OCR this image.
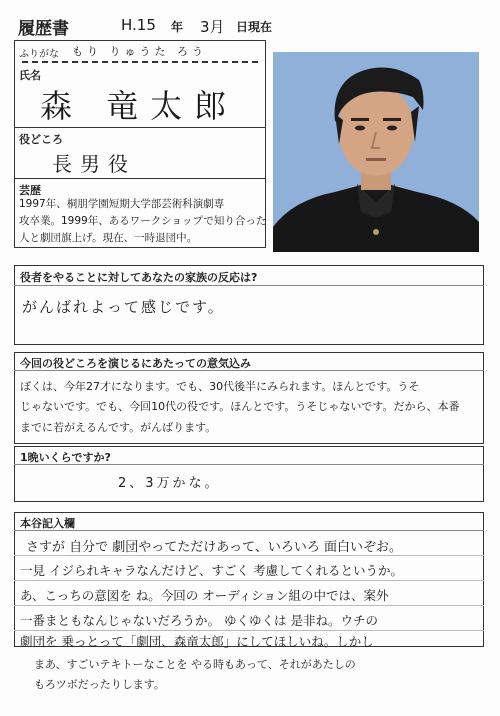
履歴書	H.15 年 3月 日現在
ふりがな もり りゅうた ろう
氏名
森 竜太郎
役どころ
長男役
芸歴
1997年、桐朋学園短期大学部芸術科演劇専
攻卒業。1999年、あるワークショップで知り合った
人と劇団旗上げ。現在、一時退団中。
役者をやることに対してあなたの家族の反応は?
がんばれよって感じです。
今回の役どころを演じるにあたっての意気込み
ぼくは、今年27才になります。でも、30代後半にみられます。ほんとです。うそ
じゃないです。でも、今回10代の役です。ほんとです。うそじゃないです。だから、本番
までに若がえるんです。がんばります。
1晩いくらですか?
2、3万かな。
本谷記入欄
さすが 自分で 劇団やってただけあって、いろいろ 面白いぞお。
一見 イジられキャラなんだけど、すごく 考慮してくれるというか。
あ、こっちの意図を ね。今回の オーディション組の中では、案外
一番まともなんじゃないだろうか。 ゆくゆくは 是非ね。ウチの
劇団を 乗っとって「劇団、森竜太郎」にしてほしいね。しかし
まあ、すごいテキトーなことを やる時もあって、それがあたしの
もろツボだったりします。
